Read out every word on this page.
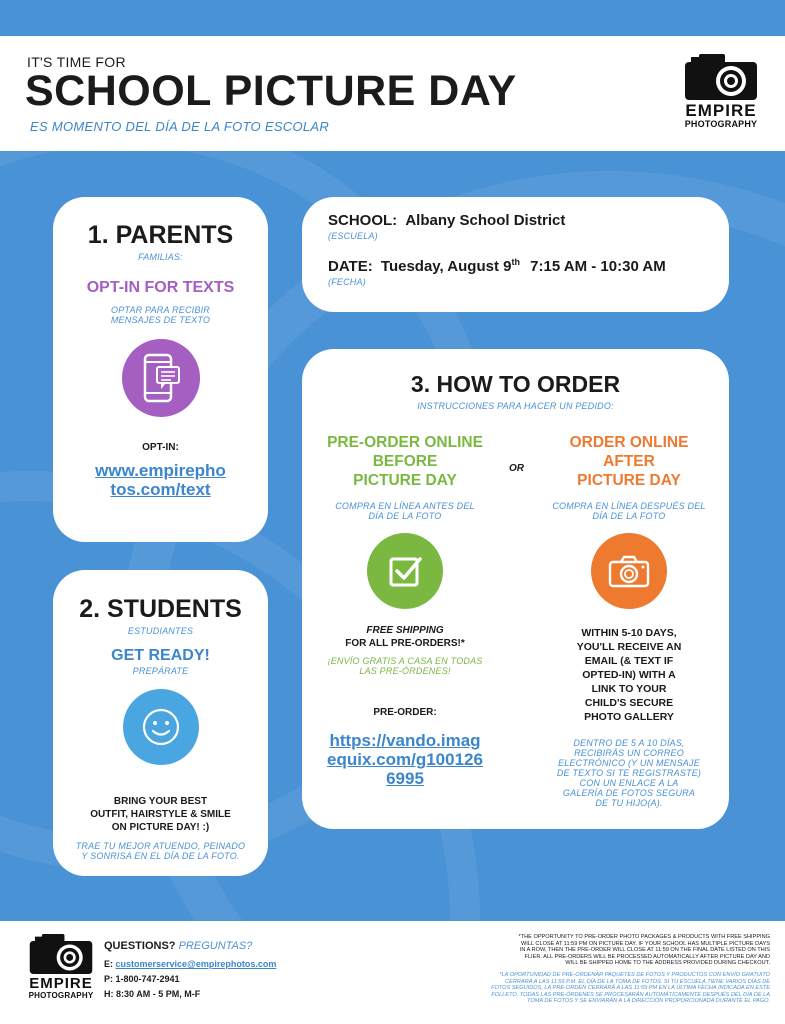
IT'S TIME FOR
SCHOOL PICTURE DAY
ES MOMENTO DEL DÍA DE LA FOTO ESCOLAR
EMPIRE
PHOTOGRAPHY
1. PARENTS
FAMILIAS:
OPT-IN FOR TEXTS
OPTAR PARA RECIBIR
MENSAJES DE TEXTO
OPT-IN:
www.empirepho
tos.com/text
2. STUDENTS
ESTUDIANTES
GET READY!
PREPÁRATE
BRING YOUR BEST
OUTFIT, HAIRSTYLE & SMILE
ON PICTURE DAY! :)
TRAE TU MEJOR ATUENDO, PEINADO
Y SONRISA EN EL DÍA DE LA FOTO.
SCHOOL: Albany School District
(ESCUELA)
DATE: Tuesday, August 9th 7:15 AM - 10:30 AM
(FECHA)
3. HOW TO ORDER
INSTRUCCIONES PARA HACER UN PEDIDO:
OR
PRE-ORDER ONLINE
BEFORE
PICTURE DAY
COMPRA EN LÍNEA ANTES DEL
DÍA DE LA FOTO
FREE SHIPPING
FOR ALL PRE-ORDERS!*
¡ENVÍO GRATIS A CASA EN TODAS
LAS PRE-ÓRDENES!
PRE-ORDER:
https://vando.imag
equix.com/g100126
6995
ORDER ONLINE
AFTER
PICTURE DAY
COMPRA EN LÍNEA DESPUÉS DEL
DÍA DE LA FOTO
WITHIN 5-10 DAYS,
YOU'LL RECEIVE AN
EMAIL (& TEXT IF
OPTED-IN) WITH A
LINK TO YOUR
CHILD'S SECURE
PHOTO GALLERY
DENTRO DE 5 A 10 DÍAS,
RECIBIRÁS UN CORREO
ELECTRÓNICO (Y UN MENSAJE
DE TEXTO SI TE REGISTRASTE)
CON UN ENLACE A LA
GALERÍA DE FOTOS SEGURA
DE TU HIJO(A).
EMPIRE
PHOTOGRAPHY
QUESTIONS? PREGUNTAS?
E: customerservice@empirephotos.com
P: 1-800-747-2941
H: 8:30 AM - 5 PM, M-F
*THE OPPORTUNITY TO PRE-ORDER PHOTO PACKAGES & PRODUCTS WITH FREE SHIPPING
WILL CLOSE AT 11:59 PM ON PICTURE DAY. IF YOUR SCHOOL HAS MULTIPLE PICTURE DAYS
IN A ROW, THEN THE PRE-ORDER WILL CLOSE AT 11:59 ON THE FINAL DATE LISTED ON THIS
FLIER. ALL PRE-ORDERS WILL BE PROCESSED AUTOMATICALLY AFTER PICTURE DAY AND
WILL BE SHIPPED HOME TO THE ADDRESS PROVIDED DURING CHECKOUT.
*LA OPORTUNIDAD DE PRE-ORDENAR PAQUETES DE FOTOS Y PRODUCTOS CON ENVÍO GRATUITO
CERRARÁ A LAS 11:59 P.M. EL DÍA DE LA TOMA DE FOTOS. SI TU ESCUELA TIENE VARIOS DÍAS DE
FOTOS SEGUIDOS, LA PRE-ORDEN CERRARÁ A LAS 11:59 PM EN LA ÚLTIMA FECHA INDICADA EN ESTE
FOLLETO. TODAS LAS PRE-ÓRDENES SE PROCESARÁN AUTOMÁTICAMENTE DESPUÉS DEL DÍA DE LA
TOMA DE FOTOS Y SE ENVIARÁN A LA DIRECCIÓN PROPORCIONADA DURANTE EL PAGO.
